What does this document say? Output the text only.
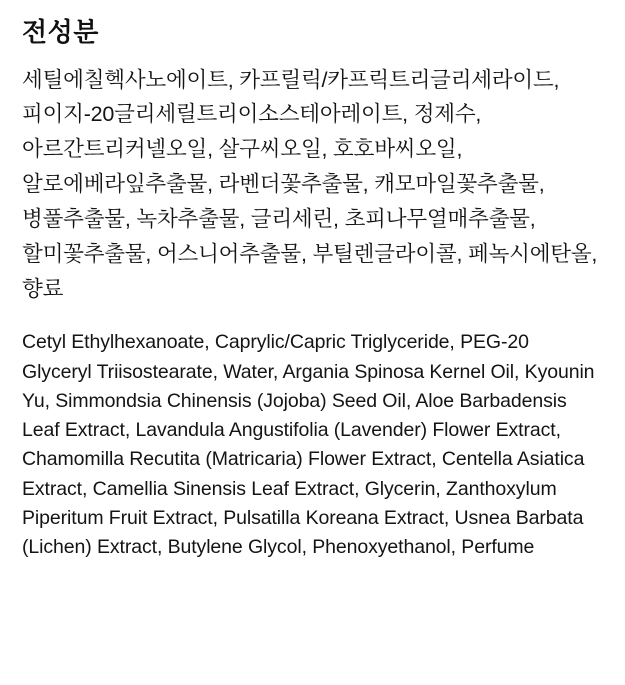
전성분

세틸에칠헥사노에이트, 카프릴릭/카프릭트리글리세라이드, 피이지-20글리세릴트리이소스테아레이트, 정제수, 아르간트리커넬오일, 살구씨오일, 호호바씨오일, 알로에베라잎추출물, 라벤더꽃추출물, 캐모마일꽃추출물, 병풀추출물, 녹차추출물, 글리세린, 초피나무열매추출물, 할미꽃추출물, 어스니어추출물, 부틸렌글라이콜, 페녹시에탄올, 향료

Cetyl Ethylhexanoate, Caprylic/Capric Triglyceride, PEG-20 Glyceryl Triisostearate, Water, Argania Spinosa Kernel Oil, Kyounin Yu, Simmondsia Chinensis (Jojoba) Seed Oil, Aloe Barbadensis Leaf Extract, Lavandula Angustifolia (Lavender) Flower Extract, Chamomilla Recutita (Matricaria) Flower Extract, Centella Asiatica Extract, Camellia Sinensis Leaf Extract, Glycerin, Zanthoxylum Piperitum Fruit Extract, Pulsatilla Koreana Extract, Usnea Barbata (Lichen) Extract, Butylene Glycol, Phenoxyethanol, Perfume
